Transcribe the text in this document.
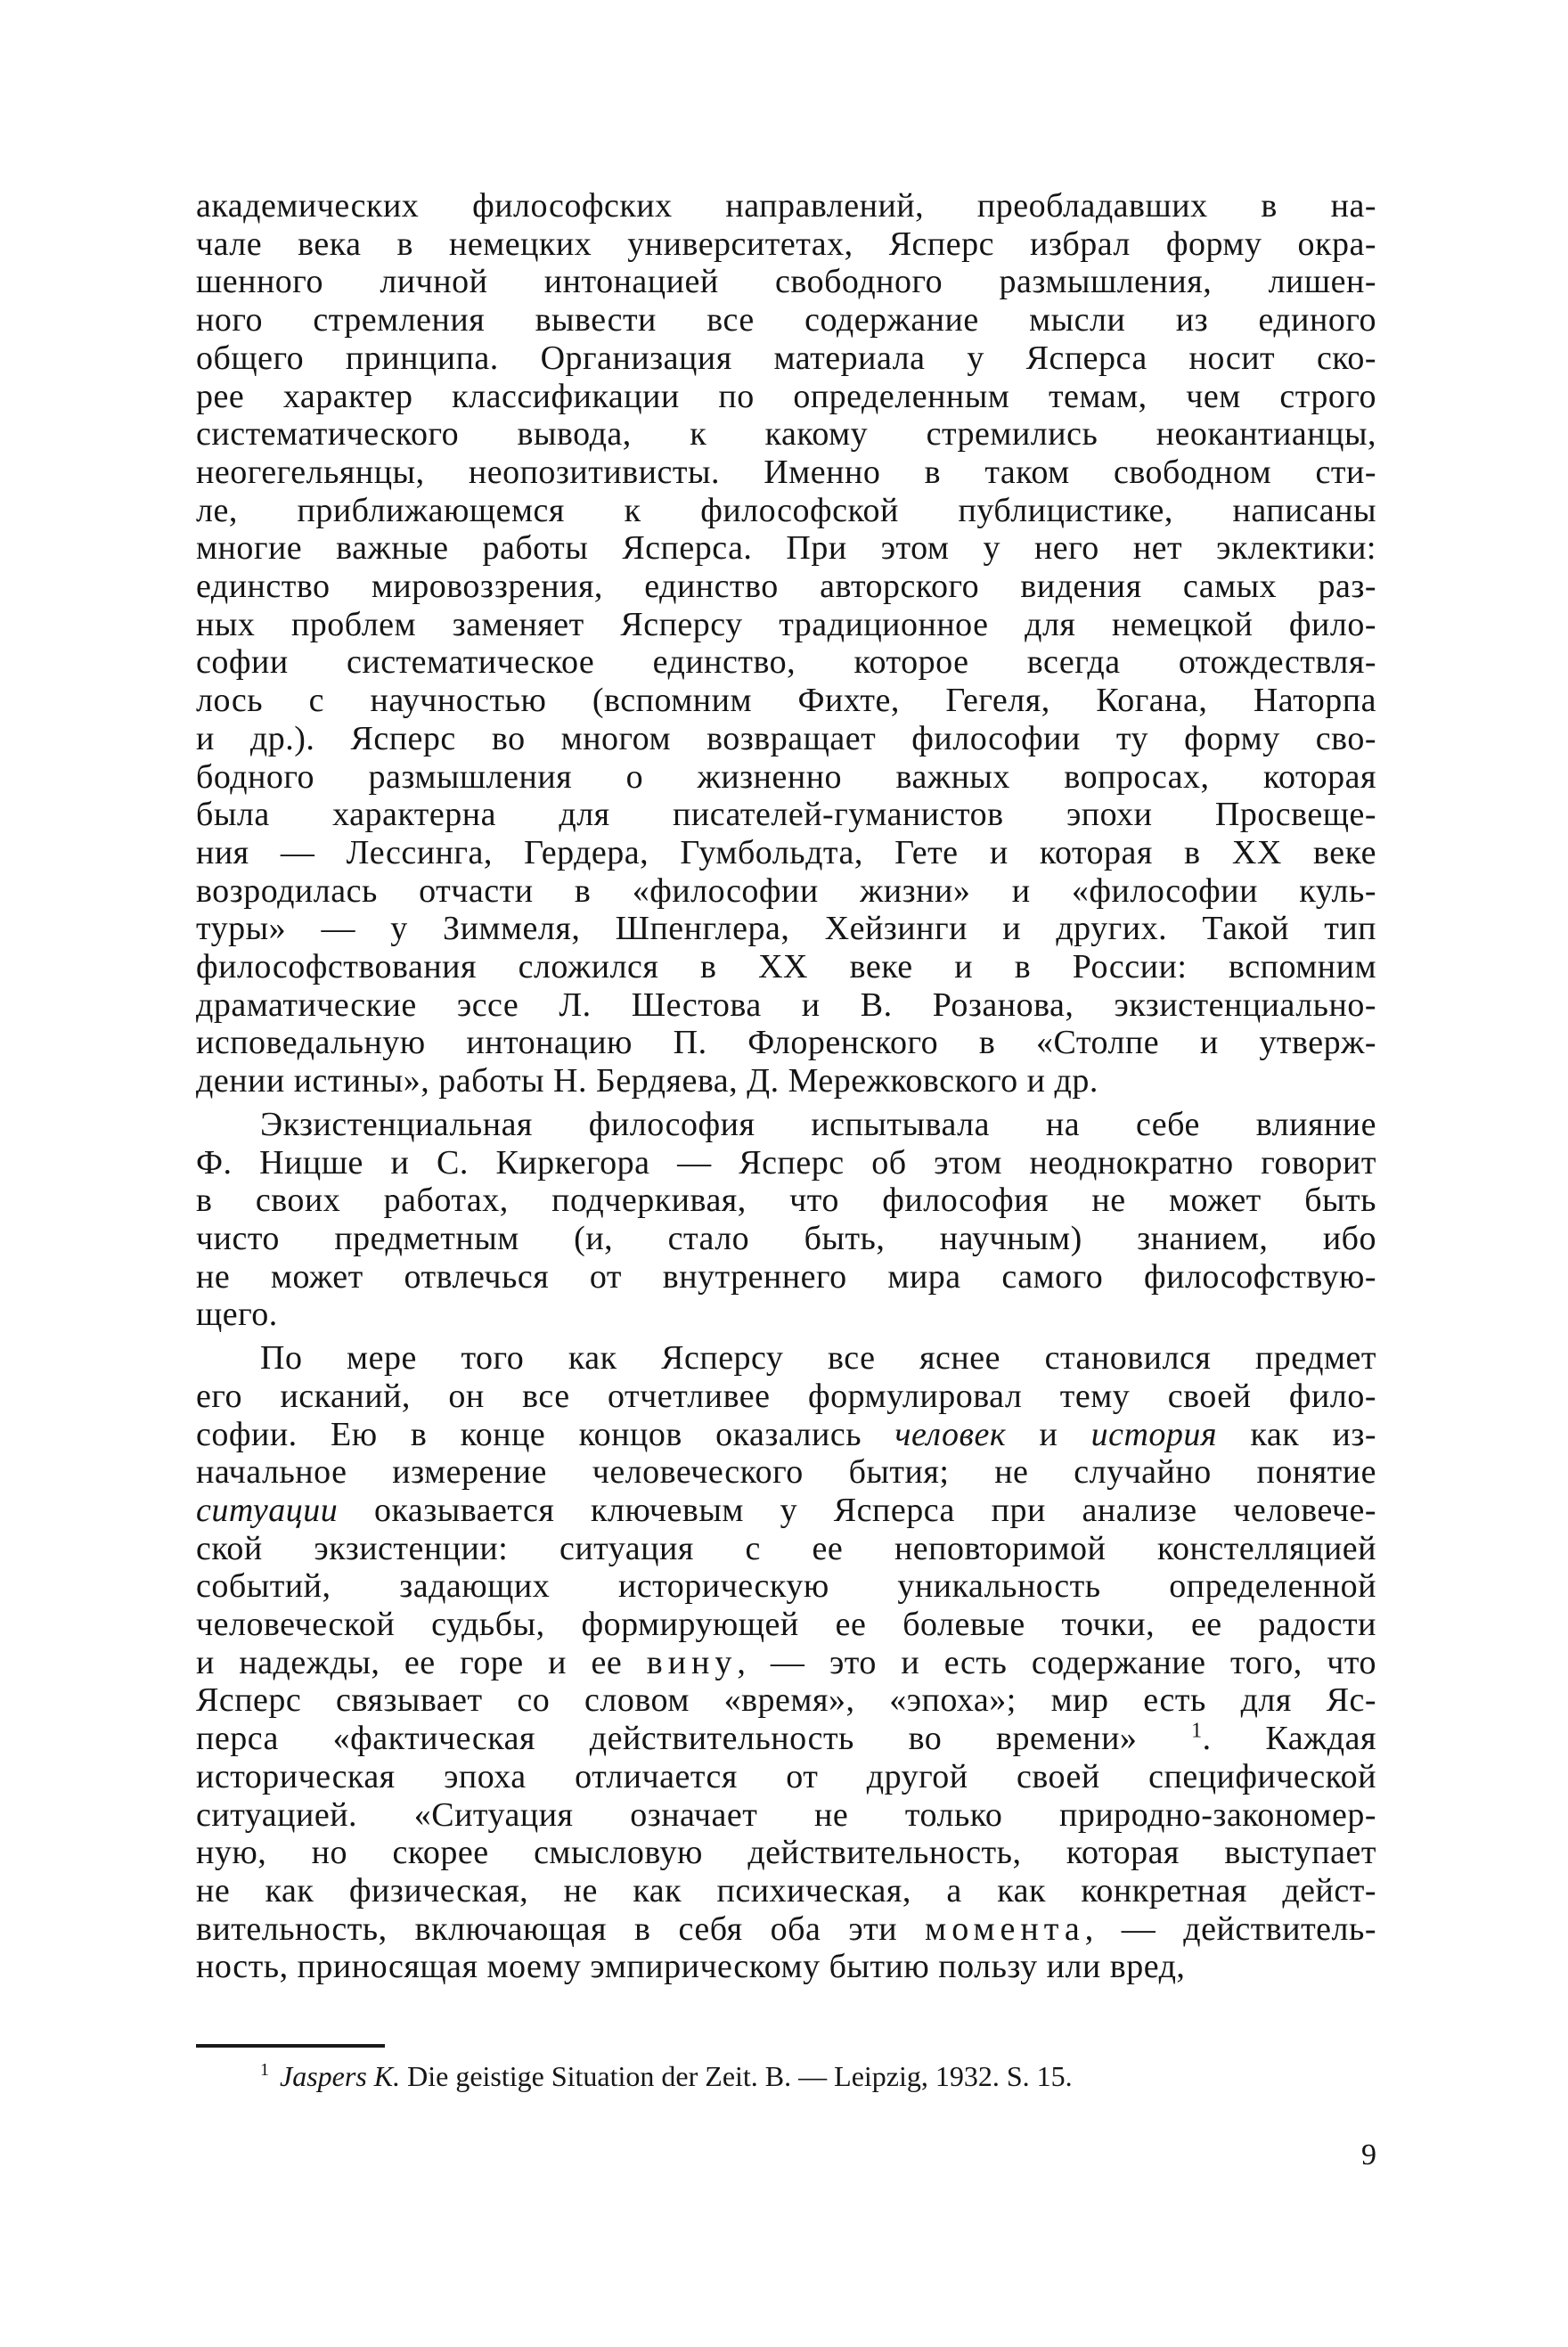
академических философских направлений, преобладавших в на-
чале века в немецких университетах, Ясперс избрал форму окра-
шенного личной интонацией свободного размышления, лишен-
ного стремления вывести все содержание мысли из единого
общего принципа. Организация материала у Ясперса носит ско-
рее характер классификации по определенным темам, чем строго
систематического вывода, к какому стремились неокантианцы,
неогегельянцы, неопозитивисты. Именно в таком свободном сти-
ле, приближающемся к философской публицистике, написаны
многие важные работы Ясперса. При этом у него нет эклектики:
единство мировоззрения, единство авторского видения самых раз-
ных проблем заменяет Ясперсу традиционное для немецкой фило-
софии систематическое единство, которое всегда отождествля-
лось с научностью (вспомним Фихте, Гегеля, Когана, Наторпа
и др.). Ясперс во многом возвращает философии ту форму сво-
бодного размышления о жизненно важных вопросах, которая
была характерна для писателей-гуманистов эпохи Просвеще-
ния — Лессинга, Гердера, Гумбольдта, Гете и которая в XX веке
возродилась отчасти в «философии жизни» и «философии куль-
туры» — у Зиммеля, Шпенглера, Хейзинги и других. Такой тип
философствования сложился в XX веке и в России: вспомним
драматические эссе Л. Шестова и В. Розанова, экзистенциально-
исповедальную интонацию П. Флоренского в «Столпе и утверж-
дении истины», работы Н. Бердяева, Д. Мережковского и др.
Экзистенциальная философия испытывала на себе влияние
Ф. Ницше и С. Киркегора — Ясперс об этом неоднократно говорит
в своих работах, подчеркивая, что философия не может быть
чисто предметным (и, стало быть, научным) знанием, ибо
не может отвлечься от внутреннего мира самого философствую-
щего.
По мере того как Ясперсу все яснее становился предмет
его исканий, он все отчетливее формулировал тему своей фило-
софии. Ею в конце концов оказались человек и история как из-
начальное измерение человеческого бытия; не случайно понятие
ситуации оказывается ключевым у Ясперса при анализе человече-
ской экзистенции: ситуация с ее неповторимой констелляцией
событий, задающих историческую уникальность определенной
человеческой судьбы, формирующей ее болевые точки, ее радости
и надежды, ее горе и ее вину, — это и есть содержание того, что
Ясперс связывает со словом «время», «эпоха»; мир есть для Яс-
перса «фактическая действительность во времени» $^1$. Каждая
историческая эпоха отличается от другой своей специфической
ситуацией. «Ситуация означает не только природно-закономер-
ную, но скорее смысловую действительность, которая выступает
не как физическая, не как психическая, а как конкретная дейст-
вительность, включающая в себя оба эти момента, — действитель-
ность, приносящая моему эмпирическому бытию пользу или вред,
$^1$ Jaspers K. Die geistige Situation der Zeit. B. — Leipzig, 1932. S. 15.
9
